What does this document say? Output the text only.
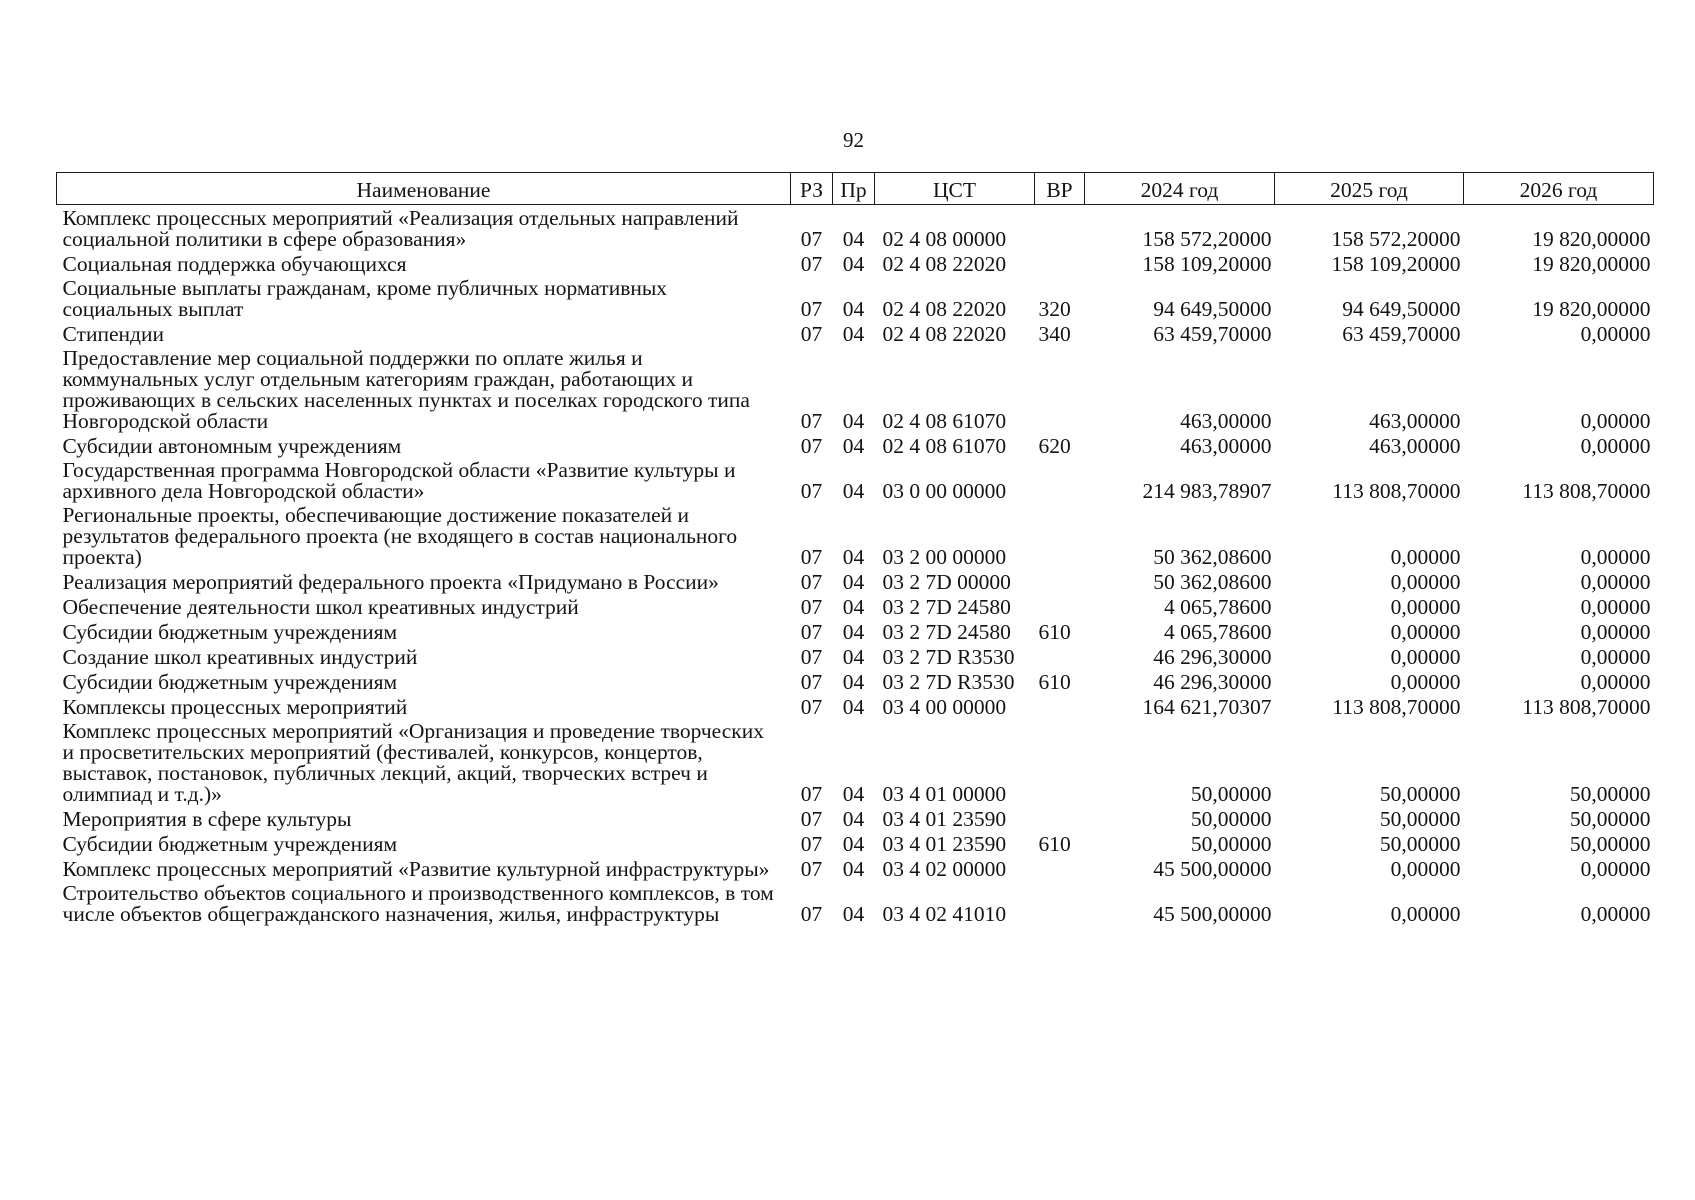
92
Наименование	РЗ	Пр	ЦСТ	ВР	2024 год	2025 год	2026 год
Комплекс процессных мероприятий «Реализация отдельных направлений социальной политики в сфере образования»	07	04	02 4 08 00000		158 572,20000	158 572,20000	19 820,00000
Социальная поддержка обучающихся	07	04	02 4 08 22020		158 109,20000	158 109,20000	19 820,00000
Социальные выплаты гражданам, кроме публичных нормативных социальных выплат	07	04	02 4 08 22020	320	94 649,50000	94 649,50000	19 820,00000
Стипендии	07	04	02 4 08 22020	340	63 459,70000	63 459,70000	0,00000
Предоставление мер социальной поддержки по оплате жилья и коммунальных услуг отдельным категориям граждан, работающих и проживающих в сельских населенных пунктах и поселках городского типа Новгородской области	07	04	02 4 08 61070		463,00000	463,00000	0,00000
Субсидии автономным учреждениям	07	04	02 4 08 61070	620	463,00000	463,00000	0,00000
Государственная программа Новгородской области «Развитие культуры и архивного дела Новгородской области»	07	04	03 0 00 00000		214 983,78907	113 808,70000	113 808,70000
Региональные проекты, обеспечивающие достижение показателей и результатов федерального проекта (не входящего в состав национального проекта)	07	04	03 2 00 00000		50 362,08600	0,00000	0,00000
Реализация мероприятий федерального проекта «Придумано в России»	07	04	03 2 7D 00000		50 362,08600	0,00000	0,00000
Обеспечение деятельности школ креативных индустрий	07	04	03 2 7D 24580		4 065,78600	0,00000	0,00000
Субсидии бюджетным учреждениям	07	04	03 2 7D 24580	610	4 065,78600	0,00000	0,00000
Создание школ креативных индустрий	07	04	03 2 7D R3530		46 296,30000	0,00000	0,00000
Субсидии бюджетным учреждениям	07	04	03 2 7D R3530	610	46 296,30000	0,00000	0,00000
Комплексы процессных мероприятий	07	04	03 4 00 00000		164 621,70307	113 808,70000	113 808,70000
Комплекс процессных мероприятий «Организация и проведение творческих и просветительских мероприятий (фестивалей, конкурсов, концертов, выставок, постановок, публичных лекций, акций, творческих встреч и олимпиад и т.д.)»	07	04	03 4 01 00000		50,00000	50,00000	50,00000
Мероприятия в сфере культуры	07	04	03 4 01 23590		50,00000	50,00000	50,00000
Субсидии бюджетным учреждениям	07	04	03 4 01 23590	610	50,00000	50,00000	50,00000
Комплекс процессных мероприятий «Развитие культурной инфраструктуры»	07	04	03 4 02 00000		45 500,00000	0,00000	0,00000
Строительство объектов социального и производственного комплексов, в том числе объектов общегражданского назначения, жилья, инфраструктуры	07	04	03 4 02 41010		45 500,00000	0,00000	0,00000
